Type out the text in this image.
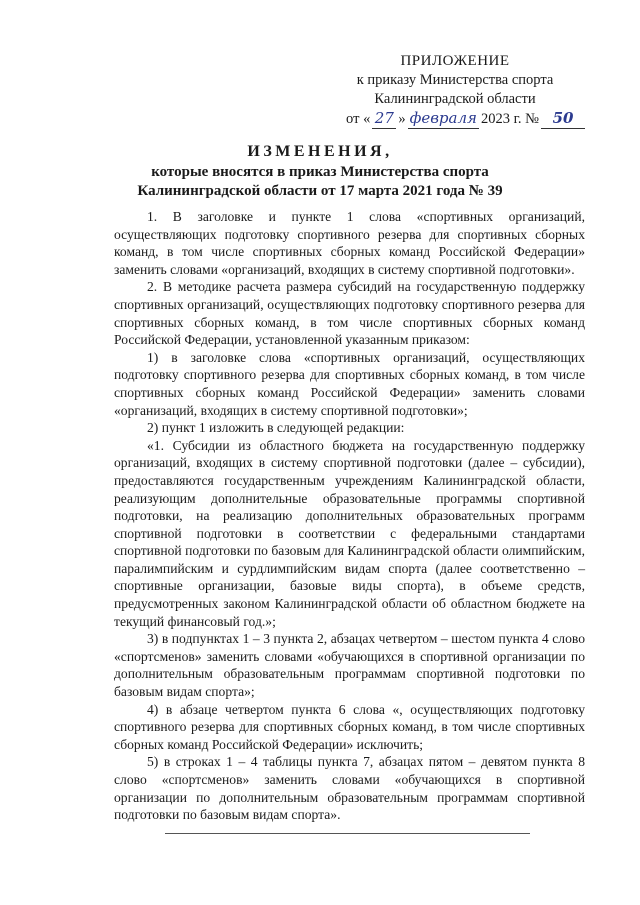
ПРИЛОЖЕНИЕ
к приказу Министерства спорта
Калининградской области
от « 27 » февраля 2023 г. № 50
ИЗМЕНЕНИЯ,
которые вносятся в приказ Министерства спорта Калининградской области от 17 марта 2021 года № 39

1. В заголовке и пункте 1 слова «спортивных организаций, осуществляющих подготовку спортивного резерва для спортивных сборных команд, в том числе спортивных сборных команд Российской Федерации» заменить словами «организаций, входящих в систему спортивной подготовки».

2. В методике расчета размера субсидий на государственную поддержку спортивных организаций, осуществляющих подготовку спортивного резерва для спортивных сборных команд, в том числе спортивных сборных команд Российской Федерации, установленной указанным приказом:

1) в заголовке слова «спортивных организаций, осуществляющих подготовку спортивного резерва для спортивных сборных команд, в том числе спортивных сборных команд Российской Федерации» заменить словами «организаций, входящих в систему спортивной подготовки»;

2) пункт 1 изложить в следующей редакции:

«1. Субсидии из областного бюджета на государственную поддержку организаций, входящих в систему спортивной подготовки (далее – субсидии), предоставляются государственным учреждениям Калининградской области, реализующим дополнительные образовательные программы спортивной подготовки, на реализацию дополнительных образовательных программ спортивной подготовки в соответствии с федеральными стандартами спортивной подготовки по базовым для Калининградской области олимпийским, паралимпийским и сурдлимпийским видам спорта (далее соответственно – спортивные организации, базовые виды спорта), в объеме средств, предусмотренных законом Калининградской области об областном бюджете на текущий финансовый год.»;

3) в подпунктах 1 – 3 пункта 2, абзацах четвертом – шестом пункта 4 слово «спортсменов» заменить словами «обучающихся в спортивной организации по дополнительным образовательным программам спортивной подготовки по базовым видам спорта»;

4) в абзаце четвертом пункта 6 слова «, осуществляющих подготовку спортивного резерва для спортивных сборных команд, в том числе спортивных сборных команд Российской Федерации» исключить;

5) в строках 1 – 4 таблицы пункта 7, абзацах пятом – девятом пункта 8 слово «спортсменов» заменить словами «обучающихся в спортивной организации по дополнительным образовательным программам спортивной подготовки по базовым видам спорта».
